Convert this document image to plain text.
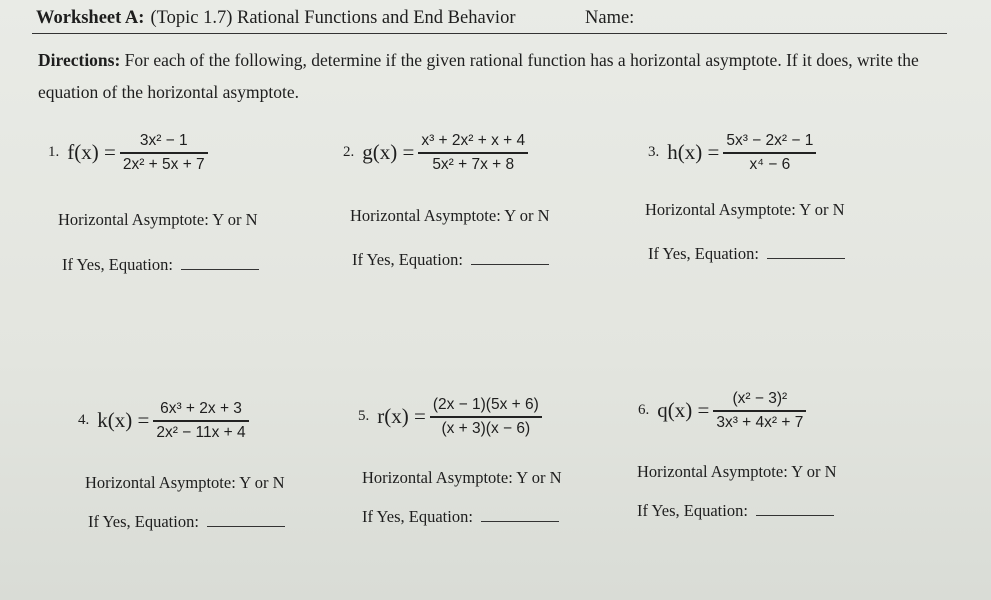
Worksheet A: (Topic 1.7) Rational Functions and End Behavior	Name:
Directions: For each of the following, determine if the given rational function has a horizontal asymptote. If it does, write the equation of the horizontal asymptote.
1. $f(x) = \frac{\text{3x² − 1}}{\text{2x² + 5x + 7}}$
Horizontal Asymptote: Y or N
If Yes, Equation:
2. $g(x) = \frac{\text{x³ + 2x² + x + 4}}{\text{5x² + 7x + 8}}$
Horizontal Asymptote: Y or N
If Yes, Equation:
3. $h(x) = \frac{\text{5x³ − 2x² − 1}}{\text{x⁴ − 6}}$
Horizontal Asymptote: Y or N
If Yes, Equation:
4. $k(x) = \frac{\text{6x³ + 2x + 3}}{\text{2x² − 11x + 4}}$
Horizontal Asymptote: Y or N
If Yes, Equation:
5. $r(x) = \frac{(2x - 1)(5x + 6)}{(x + 3)(x - 6)}$
Horizontal Asymptote: Y or N
If Yes, Equation:
6. $q(x) = \frac{\text{(x² − 3)²}}{\text{3x³ + 4x² + 7}}$
Horizontal Asymptote: Y or N
If Yes, Equation:
